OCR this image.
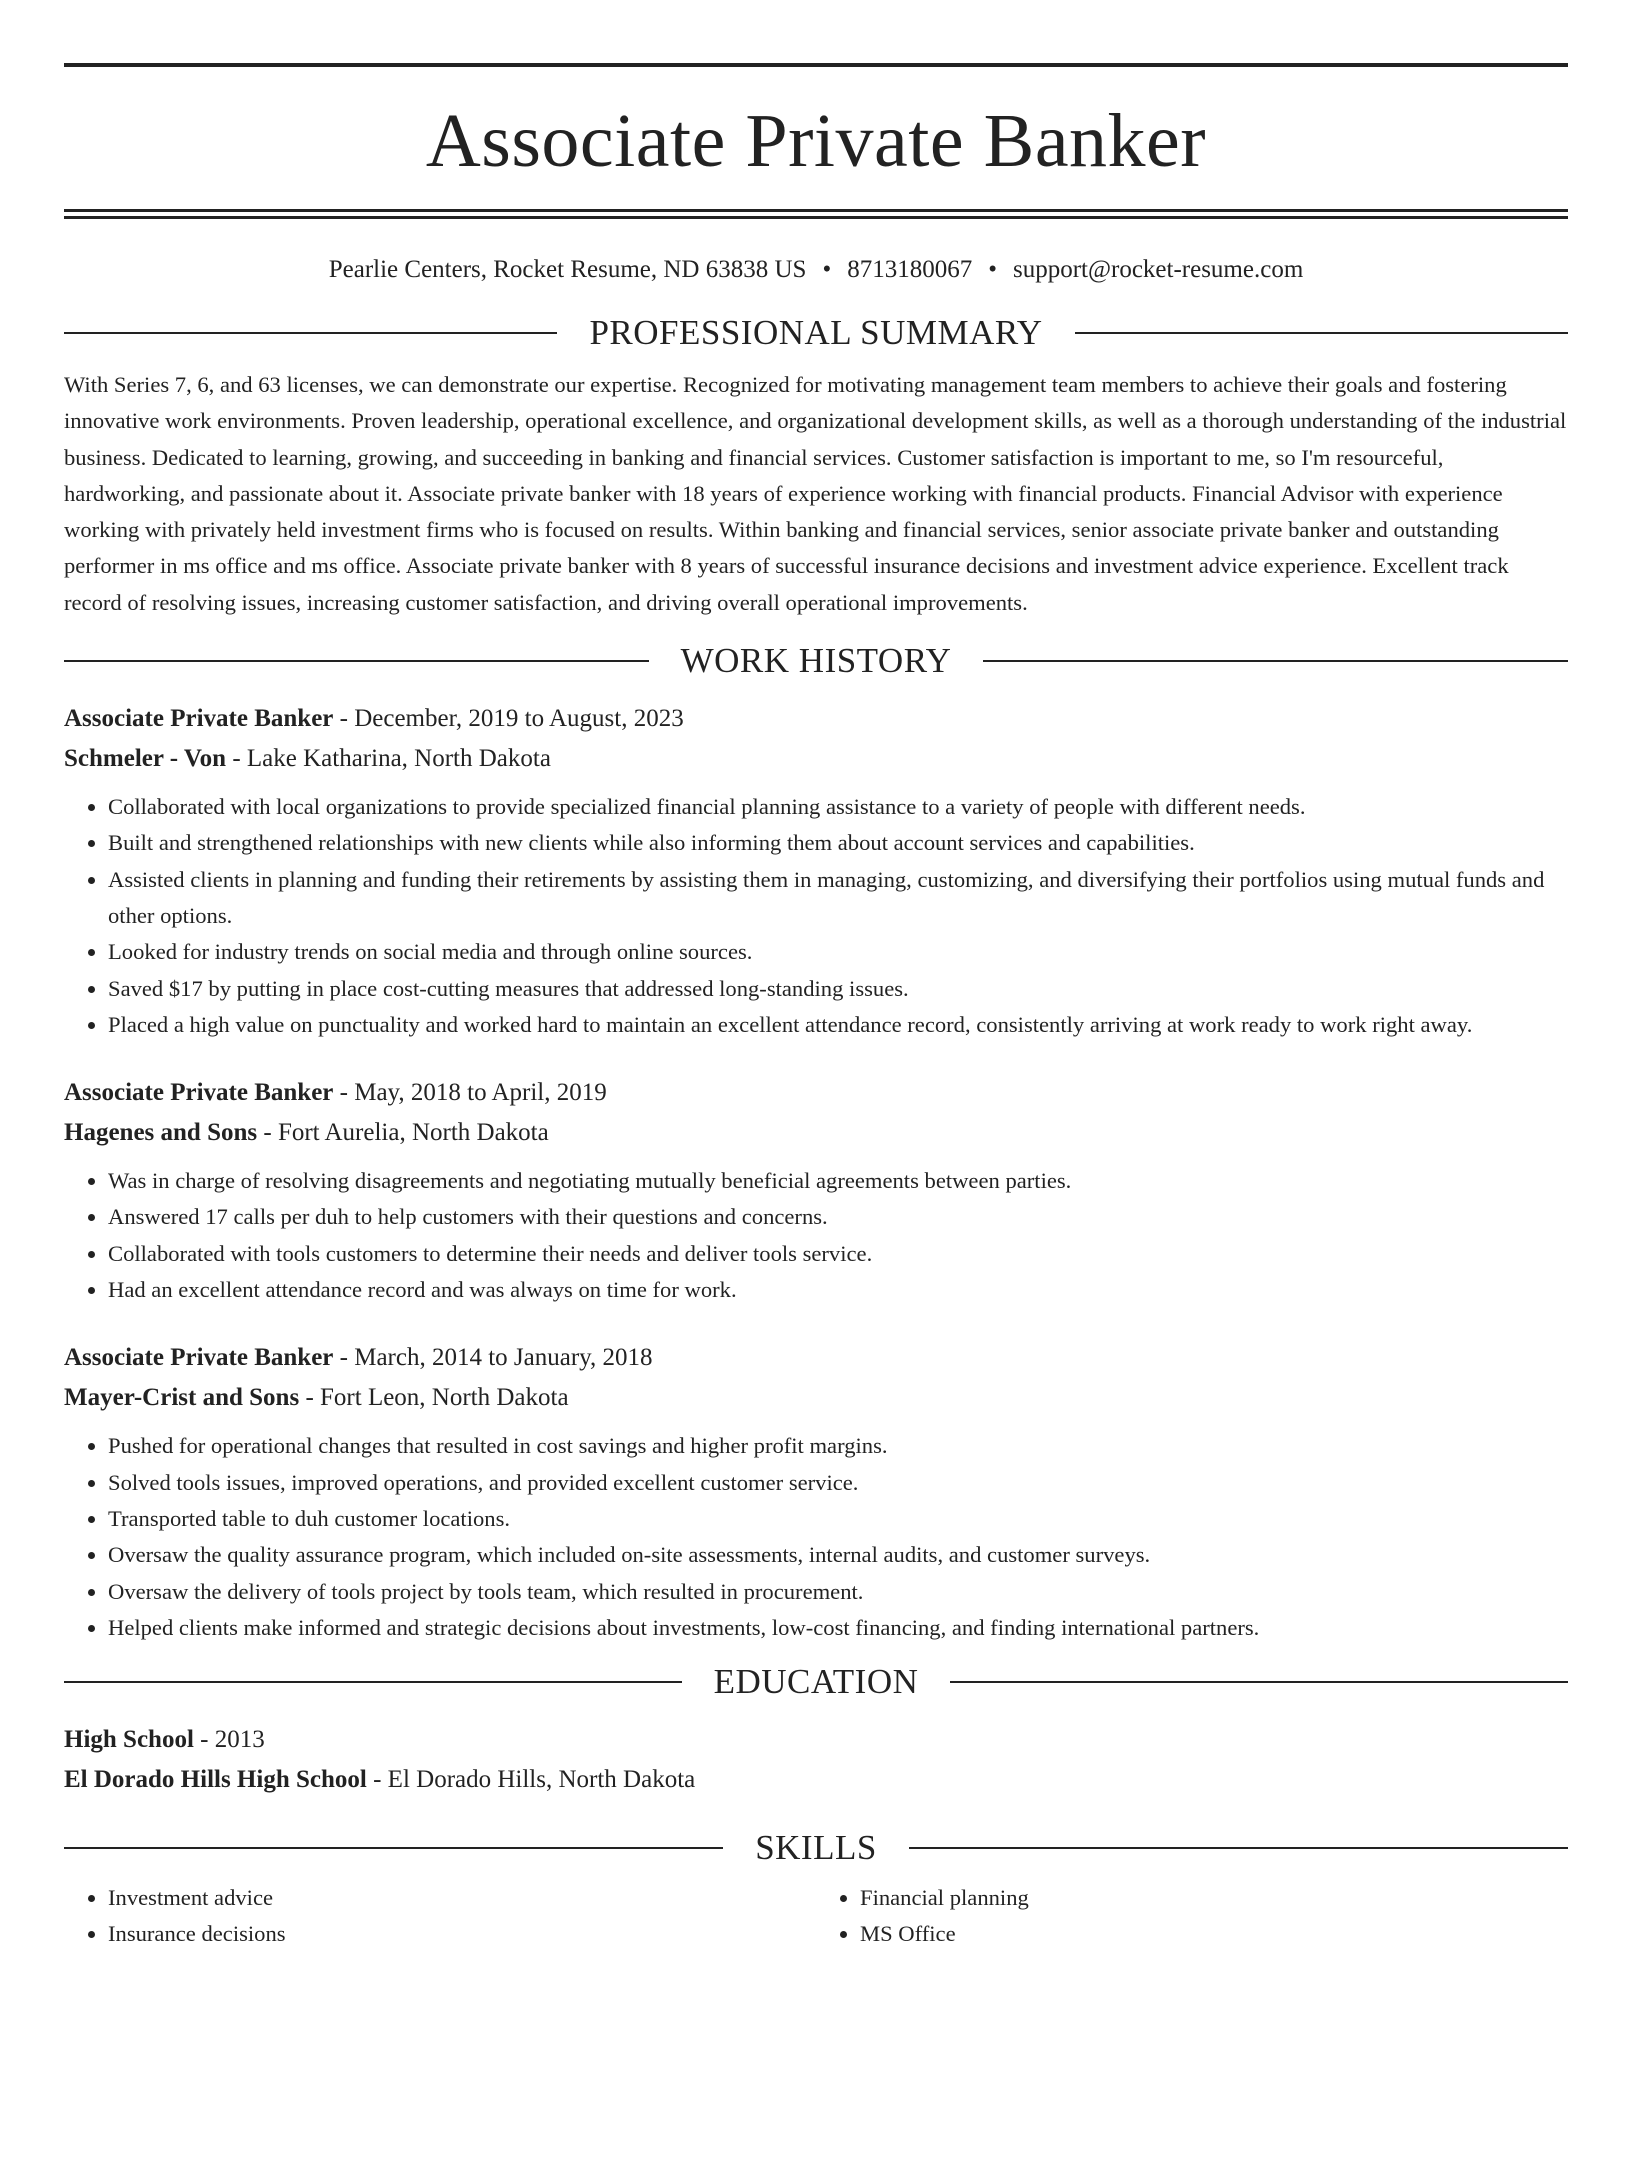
Associate Private Banker
Pearlie Centers, Rocket Resume, ND 63838 US • 8713180067 • support@rocket-resume.com
PROFESSIONAL SUMMARY
With Series 7, 6, and 63 licenses, we can demonstrate our expertise. Recognized for motivating management team members to achieve their goals and fostering innovative work environments. Proven leadership, operational excellence, and organizational development skills, as well as a thorough understanding of the industrial business. Dedicated to learning, growing, and succeeding in banking and financial services. Customer satisfaction is important to me, so I'm resourceful, hardworking, and passionate about it. Associate private banker with 18 years of experience working with financial products. Financial Advisor with experience working with privately held investment firms who is focused on results. Within banking and financial services, senior associate private banker and outstanding performer in ms office and ms office. Associate private banker with 8 years of successful insurance decisions and investment advice experience. Excellent track record of resolving issues, increasing customer satisfaction, and driving overall operational improvements.
WORK HISTORY
Associate Private Banker - December, 2019 to August, 2023
Schmeler - Von - Lake Katharina, North Dakota
• Collaborated with local organizations to provide specialized financial planning assistance to a variety of people with different needs.
• Built and strengthened relationships with new clients while also informing them about account services and capabilities.
• Assisted clients in planning and funding their retirements by assisting them in managing, customizing, and diversifying their portfolios using mutual funds and other options.
• Looked for industry trends on social media and through online sources.
• Saved $17 by putting in place cost-cutting measures that addressed long-standing issues.
• Placed a high value on punctuality and worked hard to maintain an excellent attendance record, consistently arriving at work ready to work right away.
Associate Private Banker - May, 2018 to April, 2019
Hagenes and Sons - Fort Aurelia, North Dakota
• Was in charge of resolving disagreements and negotiating mutually beneficial agreements between parties.
• Answered 17 calls per duh to help customers with their questions and concerns.
• Collaborated with tools customers to determine their needs and deliver tools service.
• Had an excellent attendance record and was always on time for work.
Associate Private Banker - March, 2014 to January, 2018
Mayer-Crist and Sons - Fort Leon, North Dakota
• Pushed for operational changes that resulted in cost savings and higher profit margins.
• Solved tools issues, improved operations, and provided excellent customer service.
• Transported table to duh customer locations.
• Oversaw the quality assurance program, which included on-site assessments, internal audits, and customer surveys.
• Oversaw the delivery of tools project by tools team, which resulted in procurement.
• Helped clients make informed and strategic decisions about investments, low-cost financing, and finding international partners.
EDUCATION
High School - 2013
El Dorado Hills High School - El Dorado Hills, North Dakota
SKILLS
• Investment advice
• Insurance decisions
• Financial planning
• MS Office
